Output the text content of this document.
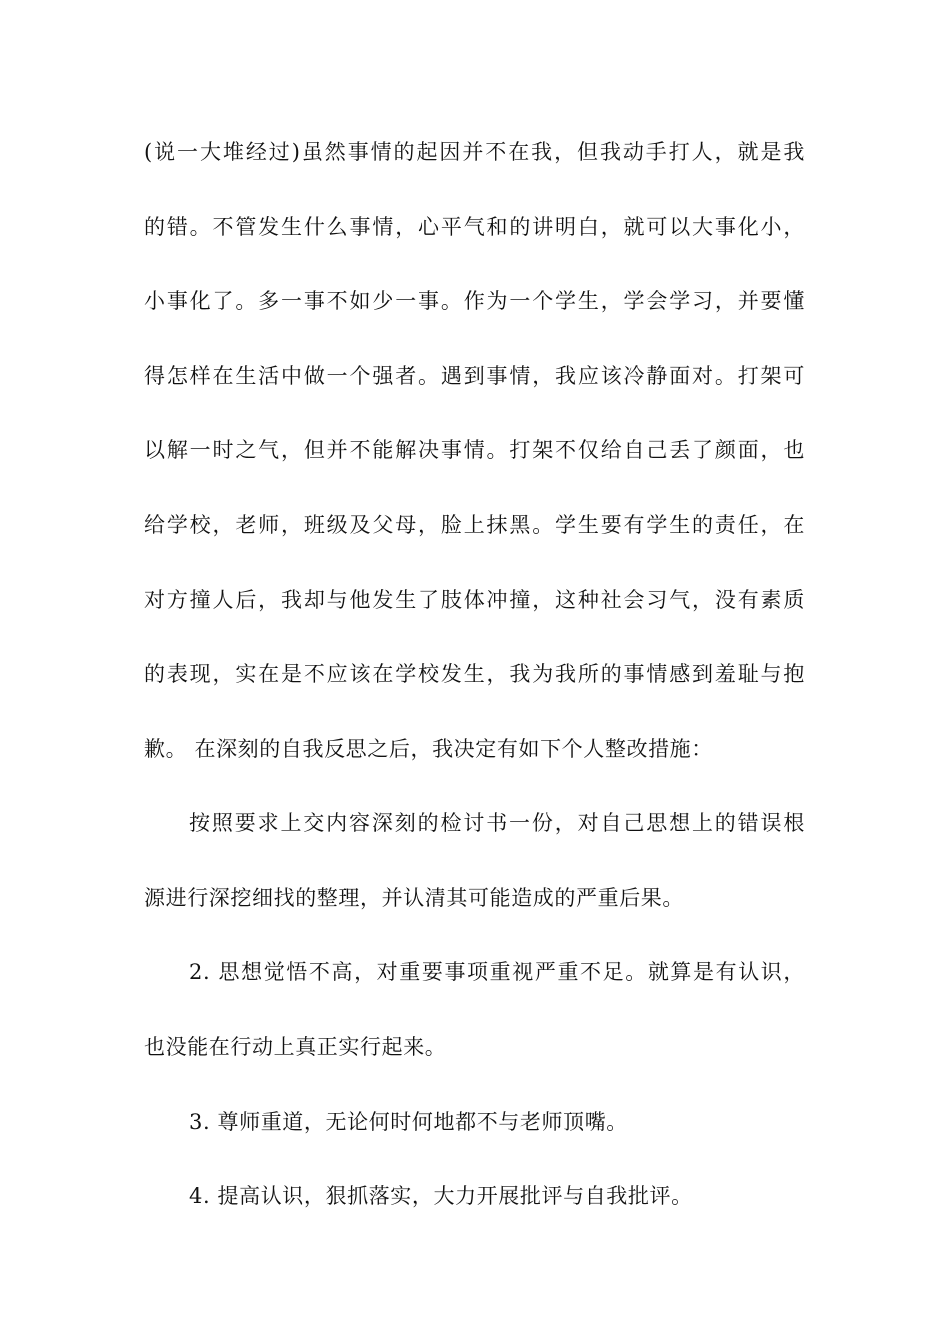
(说一大堆经过)虽然事情的起因并不在我，但我动手打人，就是我
的错。不管发生什么事情，心平气和的讲明白，就可以大事化小，
小事化了。多一事不如少一事。作为一个学生，学会学习，并要懂
得怎样在生活中做一个强者。遇到事情，我应该冷静面对。打架可
以解一时之气，但并不能解决事情。打架不仅给自己丢了颜面，也
给学校，老师，班级及父母，脸上抹黑。学生要有学生的责任，在
对方撞人后，我却与他发生了肢体冲撞，这种社会习气，没有素质
的表现，实在是不应该在学校发生，我为我所的事情感到羞耻与抱
歉。 在深刻的自我反思之后，我决定有如下个人整改措施：
按照要求上交内容深刻的检讨书一份，对自己思想上的错误根
源进行深挖细找的整理，并认清其可能造成的严重后果。
2. 思想觉悟不高，对重要事项重视严重不足。就算是有认识，
也没能在行动上真正实行起来。
3. 尊师重道，无论何时何地都不与老师顶嘴。
4. 提高认识，狠抓落实，大力开展批评与自我批评。
